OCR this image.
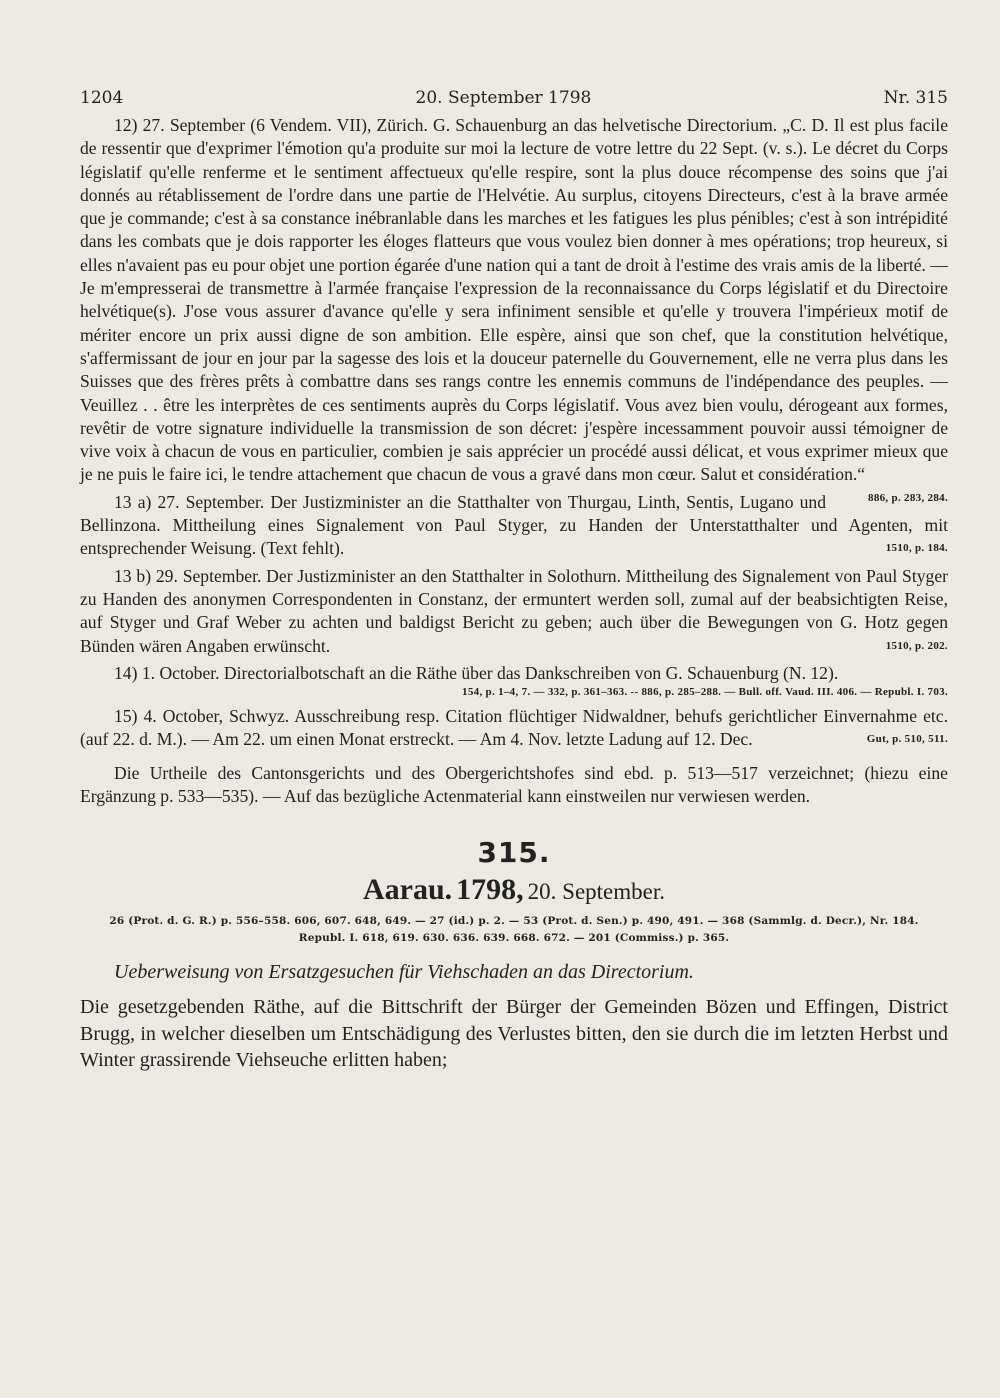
1204	20. September 1798	Nr. 315

12) 27. September (6 Vendem. VII), Zürich. G. Schauenburg an das helvetische Directorium. „C. D. Il est plus facile de ressentir que d'exprimer l'émotion qu'a produite sur moi la lecture de votre lettre du 22 Sept. (v. s.). Le décret du Corps législatif qu'elle renferme et le sentiment affectueux qu'elle respire, sont la plus douce récompense des soins que j'ai donnés au rétablissement de l'ordre dans une partie de l'Helvétie. Au surplus, citoyens Directeurs, c'est à la brave armée que je commande; c'est à sa constance inébranlable dans les marches et les fatigues les plus pénibles; c'est à son intrépidité dans les combats que je dois rapporter les éloges flatteurs que vous voulez bien donner à mes opérations; trop heureux, si elles n'avaient pas eu pour objet une portion égarée d'une nation qui a tant de droit à l'estime des vrais amis de la liberté. — Je m'empresserai de transmettre à l'armée française l'expression de la reconnaissance du Corps législatif et du Directoire helvétique(s). J'ose vous assurer d'avance qu'elle y sera infiniment sensible et qu'elle y trouvera l'impérieux motif de mériter encore un prix aussi digne de son ambition. Elle espère, ainsi que son chef, que la constitution helvétique, s'affermissant de jour en jour par la sagesse des lois et la douceur paternelle du Gouvernement, elle ne verra plus dans les Suisses que des frères prêts à combattre dans ses rangs contre les ennemis communs de l'indépendance des peuples. — Veuillez . . être les interprètes de ces sentiments auprès du Corps législatif. Vous avez bien voulu, dérogeant aux formes, revêtir de votre signature individuelle la transmission de son décret: j'espère incessamment pouvoir aussi témoigner de vive voix à chacun de vous en particulier, combien je sais apprécier un procédé aussi délicat, et vous exprimer mieux que je ne puis le faire ici, le tendre attachement que chacun de vous a gravé dans mon cœur. Salut et considération.“
886, p. 283, 284.

13 a) 27. September. Der Justizminister an die Statthalter von Thurgau, Linth, Sentis, Lugano und Bellinzona. Mittheilung eines Signalement von Paul Styger, zu Handen der Unterstatthalter und Agenten, mit entsprechender Weisung. (Text fehlt).	1510, p. 184.

13 b) 29. September. Der Justizminister an den Statthalter in Solothurn. Mittheilung des Signalement von Paul Styger zu Handen des anonymen Correspondenten in Constanz, der ermuntert werden soll, zumal auf der beabsichtigten Reise, auf Styger und Graf Weber zu achten und baldigst Bericht zu geben; auch über die Bewegungen von G. Hotz gegen Bünden wären Angaben erwünscht.	1510, p. 202.

14) 1. October. Directorialbotschaft an die Räthe über das Dankschreiben von G. Schauenburg (N. 12).
154, p. 1–4, 7. — 332, p. 361–363. -- 886, p. 285–288. — Bull. off. Vaud. III. 406. — Republ. I. 703.

15) 4. October, Schwyz. Ausschreibung resp. Citation flüchtiger Nidwaldner, behufs gerichtlicher Einvernahme etc. (auf 22. d. M.). — Am 22. um einen Monat erstreckt. — Am 4. Nov. letzte Ladung auf 12. Dec.	Gut, p. 510, 511.

Die Urtheile des Cantonsgerichts und des Obergerichtshofes sind ebd. p. 513—517 verzeichnet; (hiezu eine Ergänzung p. 533—535). — Auf das bezügliche Actenmaterial kann einstweilen nur verwiesen werden.

315.
Aarau. 1798, 20. September.
26 (Prot. d. G. R.) p. 556–558. 606, 607. 648, 649. — 27 (id.) p. 2. — 53 (Prot. d. Sen.) p. 490, 491. — 368 (Sammlg. d. Decr.), Nr. 184.
Republ. I. 618, 619. 630. 636. 639. 668. 672. — 201 (Commiss.) p. 365.

Ueberweisung von Ersatzgesuchen für Viehschaden an das Directorium.

Die gesetzgebenden Räthe, auf die Bittschrift der Bürger der Gemeinden Bözen und Effingen, District Brugg, in welcher dieselben um Entschädigung des Verlustes bitten, den sie durch die im letzten Herbst und Winter grassirende Viehseuche erlitten haben;
